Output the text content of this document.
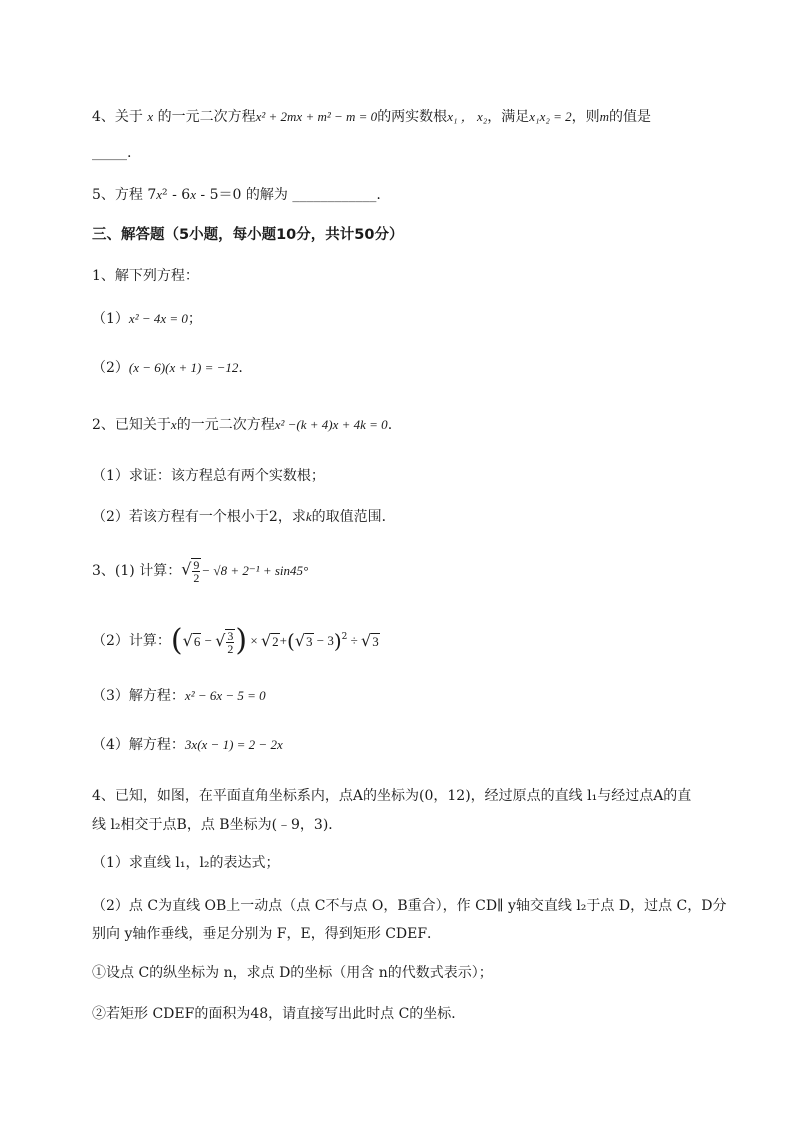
4、关于 x 的一元二次方程x² + 2mx + m² − m = 0的两实数根x₁ ， x₂，满足x₁x₂ = 2，则m的值是
_____.
5、方程 7x² - 6x - 5＝0 的解为 ____________.
三、解答题（5小题，每小题10分，共计50分）
1、解下列方程：
（1）x² − 4x = 0；
（2）(x − 6)(x + 1) = −12.
2、已知关于x的一元二次方程x² −(k + 4)x + 4k = 0.
（1）求证：该方程总有两个实数根；
（2）若该方程有一个根小于2，求k的取值范围．
3、(1) 计算：√ $\frac{9}{2} - √8 + 2^{-1} + \sin 45^\circ$
（2）计算：(√6 − √ $\frac{3}{2}$ ) × $√2+(√3 - 3)^2 \div √3$
（3）解方程：x² − 6x − 5 = 0
（4）解方程：3x(x − 1) = 2 − 2x
4、已知，如图，在平面直角坐标系内，点A的坐标为(0，12)，经过原点的直线 l₁与经过点A的直
线 l₂相交于点B，点 B坐标为(﹣9，3)．
（1）求直线 l₁，l₂的表达式；
（2）点 C为直线 OB上一动点（点 C不与点 O，B重合），作 CD∥ y轴交直线 l₂于点 D，过点 C，D分
别向 y轴作垂线，垂足分别为 F，E，得到矩形 CDEF．
①设点 C的纵坐标为 n，求点 D的坐标（用含 n的代数式表示）；
②若矩形 CDEF的面积为48，请直接写出此时点 C的坐标．
